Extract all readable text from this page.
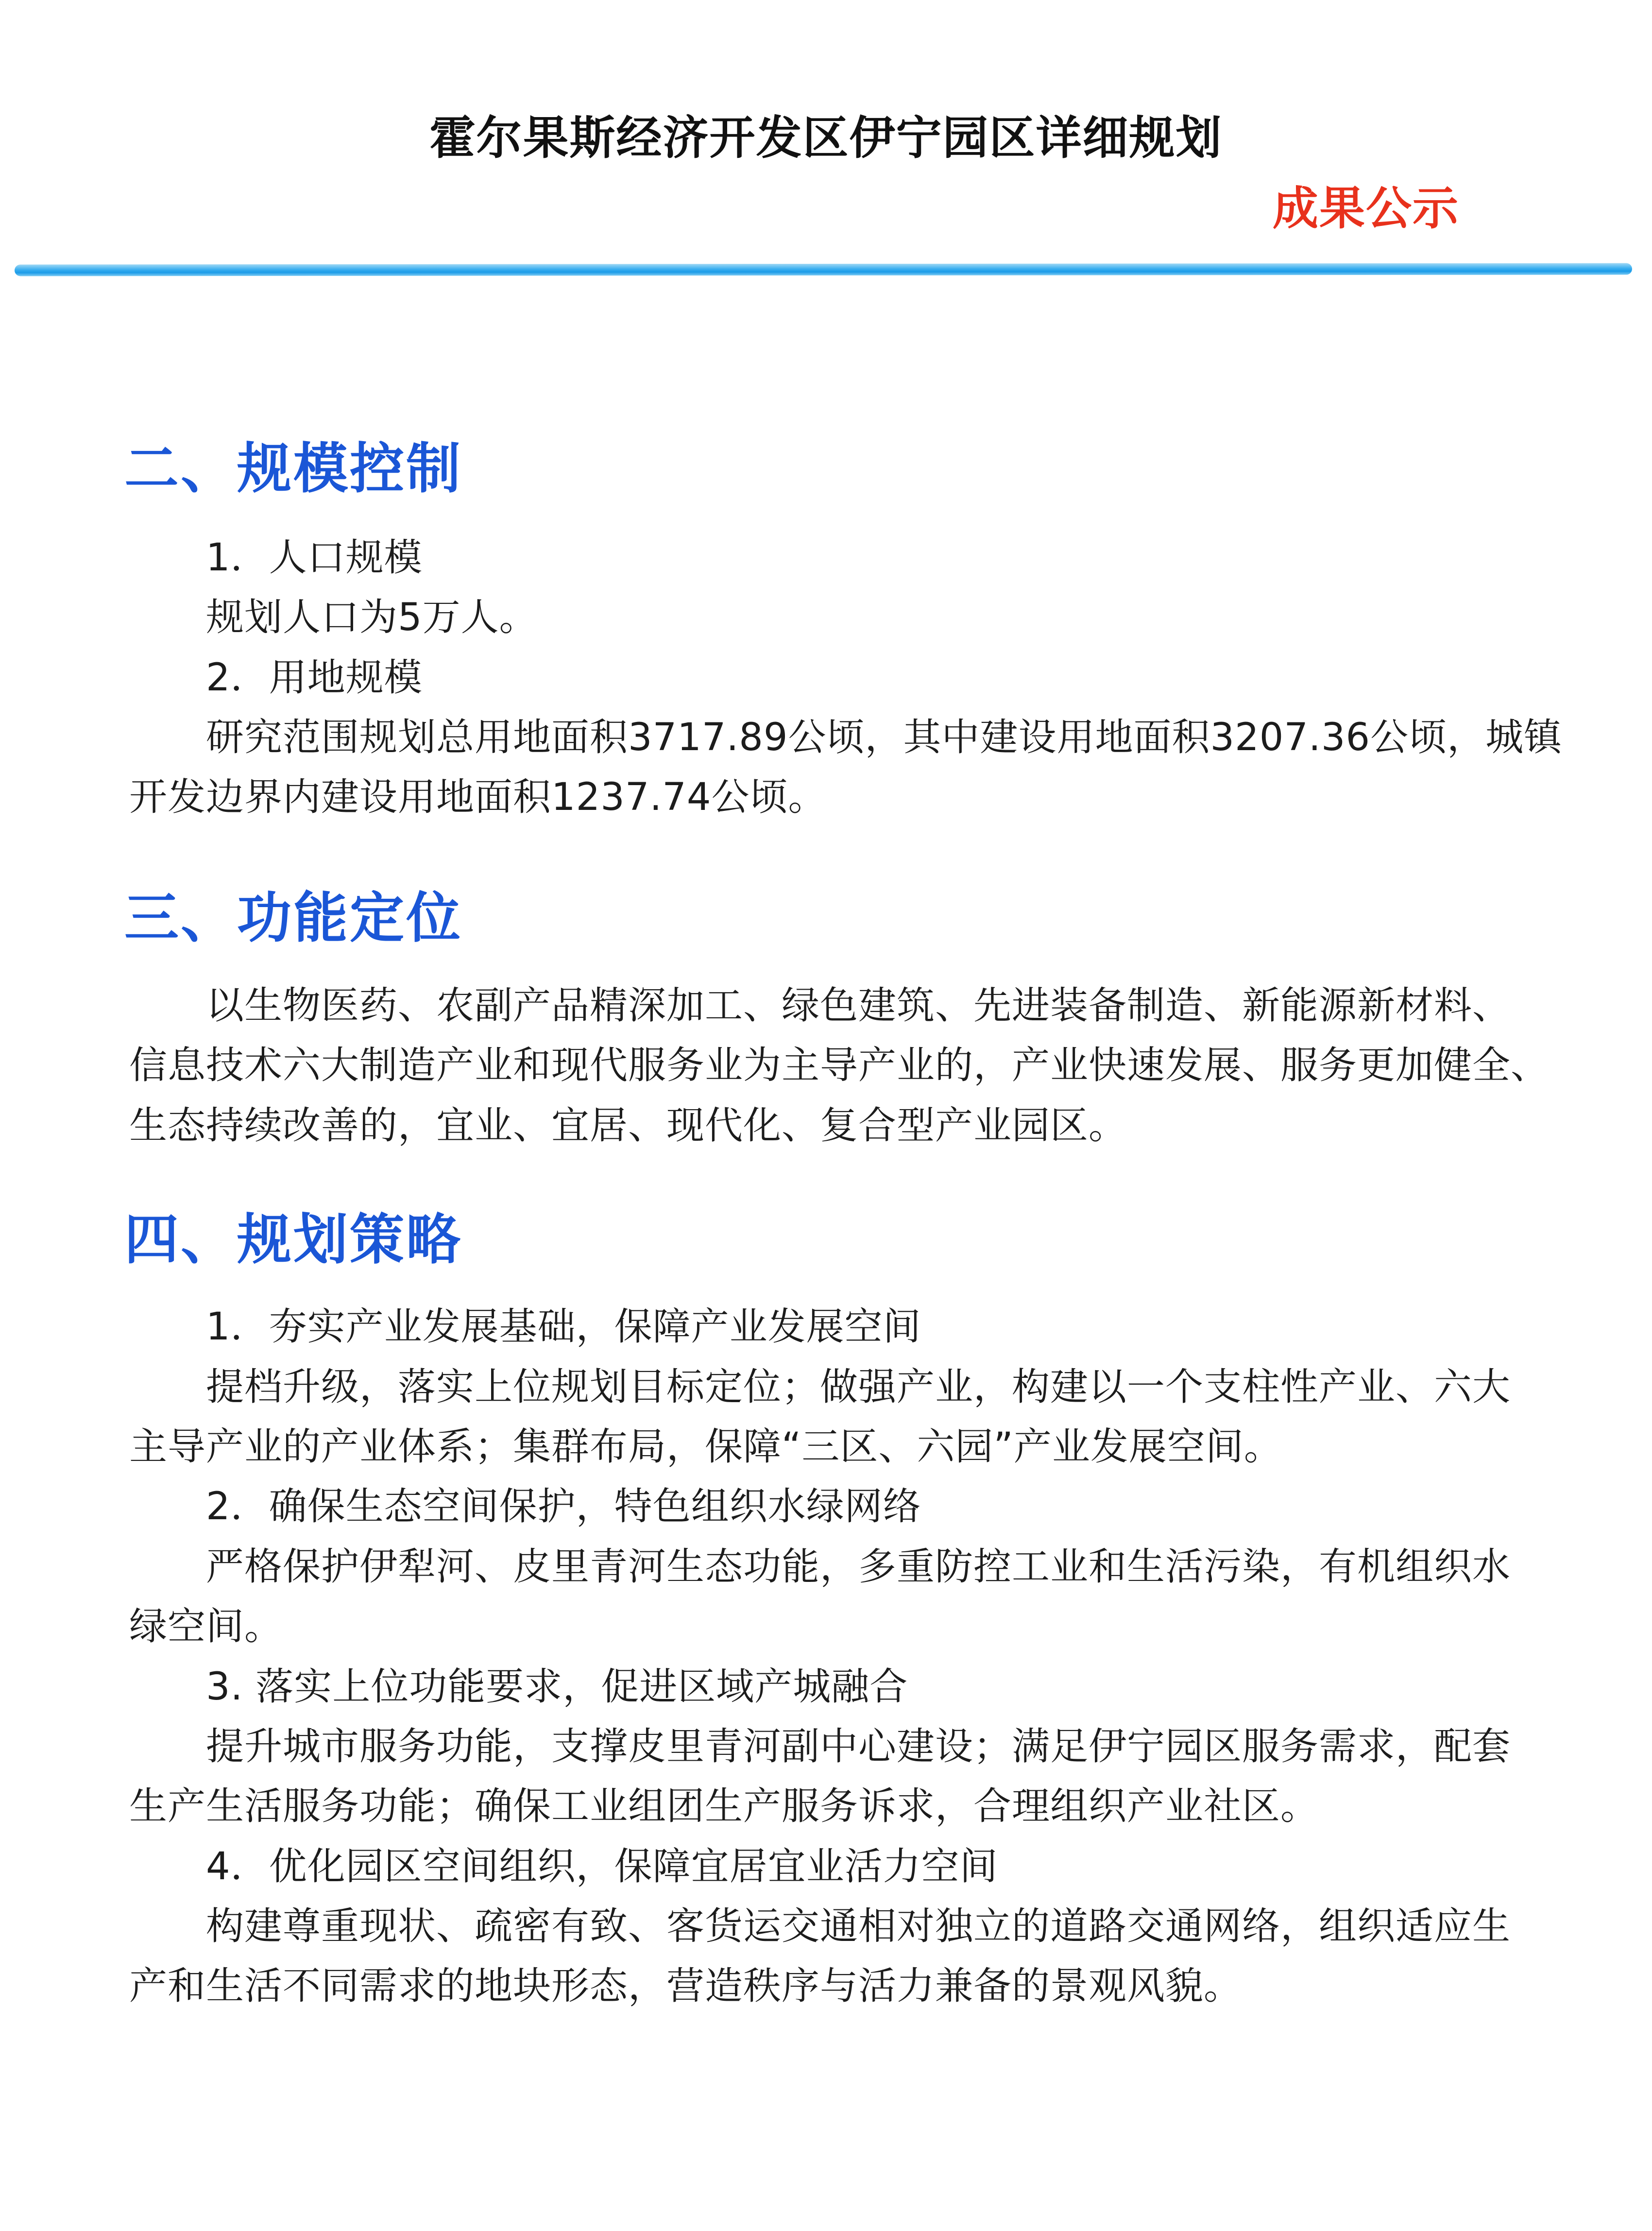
霍尔果斯经济开发区伊宁园区详细规划
成果公示
二、规模控制
1．人口规模
规划人口为5万人。
2．用地规模
研究范围规划总用地面积3717.89公顷，其中建设用地面积3207.36公顷，城镇
开发边界内建设用地面积1237.74公顷。
三、功能定位
以生物医药、农副产品精深加工、绿色建筑、先进装备制造、新能源新材料、
信息技术六大制造产业和现代服务业为主导产业的，产业快速发展、服务更加健全、
生态持续改善的，宜业、宜居、现代化、复合型产业园区。
四、规划策略
1．夯实产业发展基础，保障产业发展空间
提档升级，落实上位规划目标定位；做强产业，构建以一个支柱性产业、六大
主导产业的产业体系；集群布局，保障“三区、六园”产业发展空间。
2．确保生态空间保护，特色组织水绿网络
严格保护伊犁河、皮里青河生态功能，多重防控工业和生活污染，有机组织水
绿空间。
3. 落实上位功能要求，促进区域产城融合
提升城市服务功能，支撑皮里青河副中心建设；满足伊宁园区服务需求，配套
生产生活服务功能；确保工业组团生产服务诉求，合理组织产业社区。
4．优化园区空间组织，保障宜居宜业活力空间
构建尊重现状、疏密有致、客货运交通相对独立的道路交通网络，组织适应生
产和生活不同需求的地块形态，营造秩序与活力兼备的景观风貌。
